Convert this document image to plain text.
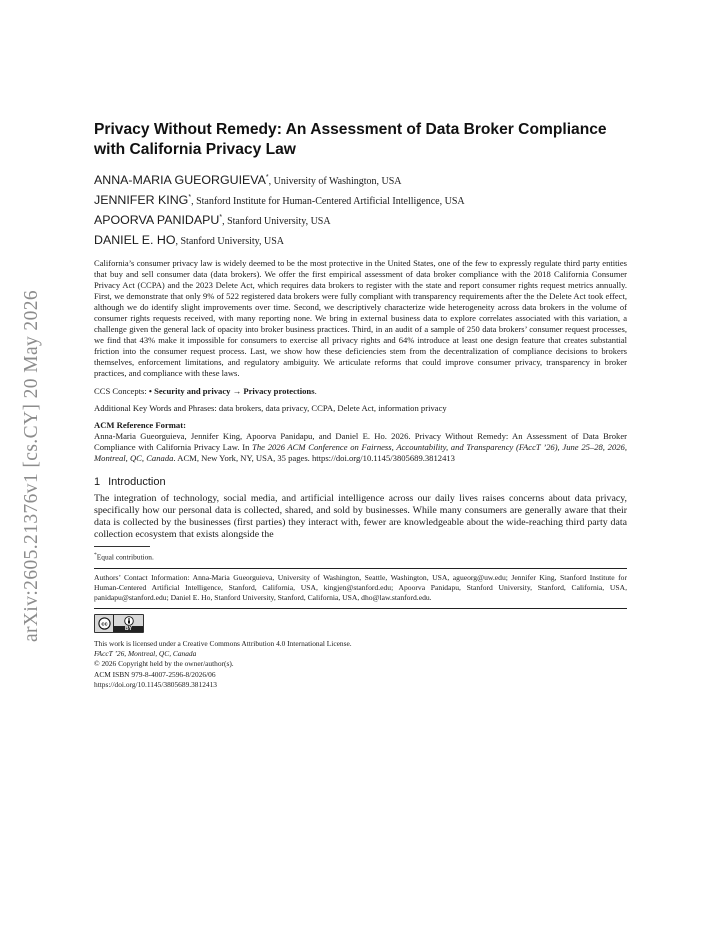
arXiv:2605.21376v1 [cs.CY] 20 May 2026
Privacy Without Remedy: An Assessment of Data Broker Compliance with California Privacy Law
ANNA-MARIA GUEORGUIEVA*, University of Washington, USA
JENNIFER KING*, Stanford Institute for Human-Centered Artificial Intelligence, USA
APOORVA PANIDAPU*, Stanford University, USA
DANIEL E. HO, Stanford University, USA

California’s consumer privacy law is widely deemed to be the most protective in the United States, one of the few to expressly regulate third party entities that buy and sell consumer data (data brokers). We offer the first empirical assessment of data broker compliance with the 2018 California Consumer Privacy Act (CCPA) and the 2023 Delete Act, which requires data brokers to register with the state and report consumer rights request metrics annually. First, we demonstrate that only 9% of 522 registered data brokers were fully compliant with transparency requirements after the the Delete Act took effect, although we do identify slight improvements over time. Second, we descriptively characterize wide heterogeneity across data brokers in the volume of consumer rights requests received, with many reporting none. We bring in external business data to explore correlates associated with this variation, a challenge given the general lack of opacity into broker business practices. Third, in an audit of a sample of 250 data brokers’ consumer request processes, we find that 43% make it impossible for consumers to exercise all privacy rights and 64% introduce at least one design feature that creates substantial friction into the consumer request process. Last, we show how these deficiencies stem from the decentralization of compliance decisions to brokers themselves, enforcement limitations, and regulatory ambiguity. We articulate reforms that could improve consumer privacy, transparency in broker practices, and compliance with these laws.

CCS Concepts: • Security and privacy → Privacy protections.

Additional Key Words and Phrases: data brokers, data privacy, CCPA, Delete Act, information privacy

ACM Reference Format:

Anna-Maria Gueorguieva, Jennifer King, Apoorva Panidapu, and Daniel E. Ho. 2026. Privacy Without Remedy: An Assessment of Data Broker Compliance with California Privacy Law. In The 2026 ACM Conference on Fairness, Accountability, and Transparency (FAccT ’26), June 25–28, 2026, Montreal, QC, Canada. ACM, New York, NY, USA, 35 pages. https://doi.org/10.1145/3805689.3812413

1 Introduction

The integration of technology, social media, and artificial intelligence across our daily lives raises concerns about data privacy, specifically how our personal data is collected, shared, and sold by businesses. While many consumers are generally aware that their data is collected by the businesses (first parties) they interact with, fewer are knowledgeable about the wide-reaching third party data collection ecosystem that exists alongside the

*Equal contribution.

Authors’ Contact Information: Anna-Maria Gueorguieva, University of Washington, Seattle, Washington, USA, agueorg@uw.edu; Jennifer King, Stanford Institute for Human-Centered Artificial Intelligence, Stanford, California, USA, kingjen@stanford.edu; Apoorva Panidapu, Stanford University, Stanford, California, USA, panidapu@stanford.edu; Daniel E. Ho, Stanford University, Stanford, California, USA, dho@law.stanford.edu.

cc
BY
This work is licensed under a Creative Commons Attribution 4.0 International License.
FAccT ’26, Montreal, QC, Canada
© 2026 Copyright held by the owner/author(s).
ACM ISBN 979-8-4007-2596-8/2026/06
https://doi.org/10.1145/3805689.3812413
